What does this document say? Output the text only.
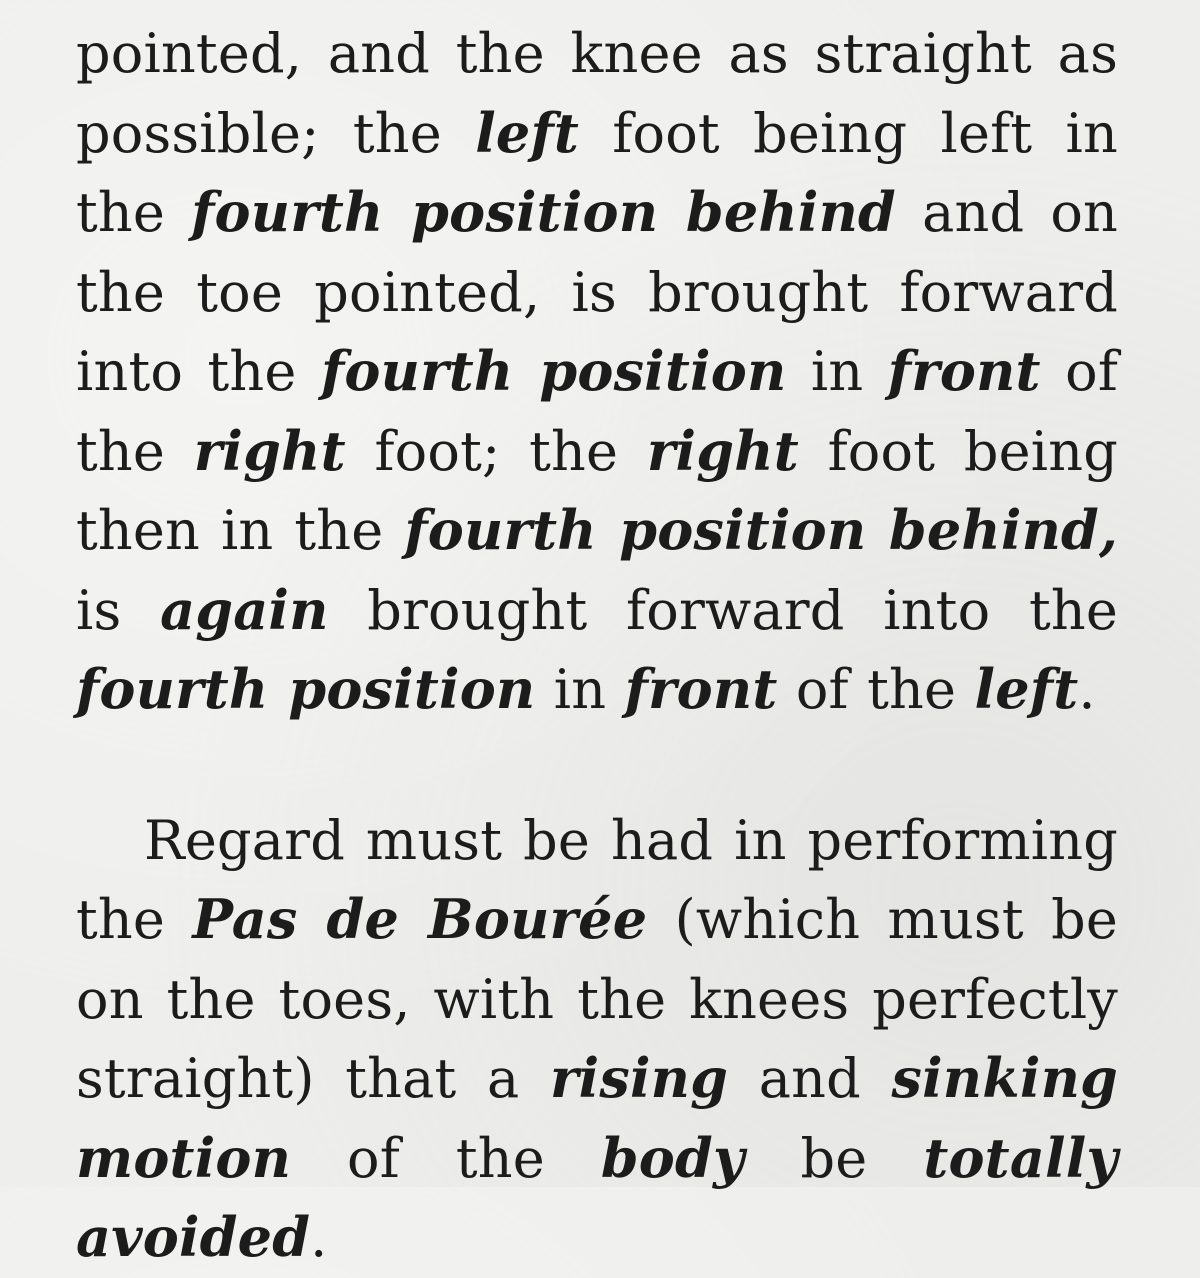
pointed, and the knee as straight as possible; the left foot being left in the fourth position behind and on the toe pointed, is brought forward into the fourth position in front of the right foot; the right foot being then in the fourth position behind, is again brought forward into the fourth position in front of the left.

Regard must be had in performing the Pas de Bourée (which must be on the toes, with the knees perfectly straight) that a rising and sinking motion of the body be totally avoided.
